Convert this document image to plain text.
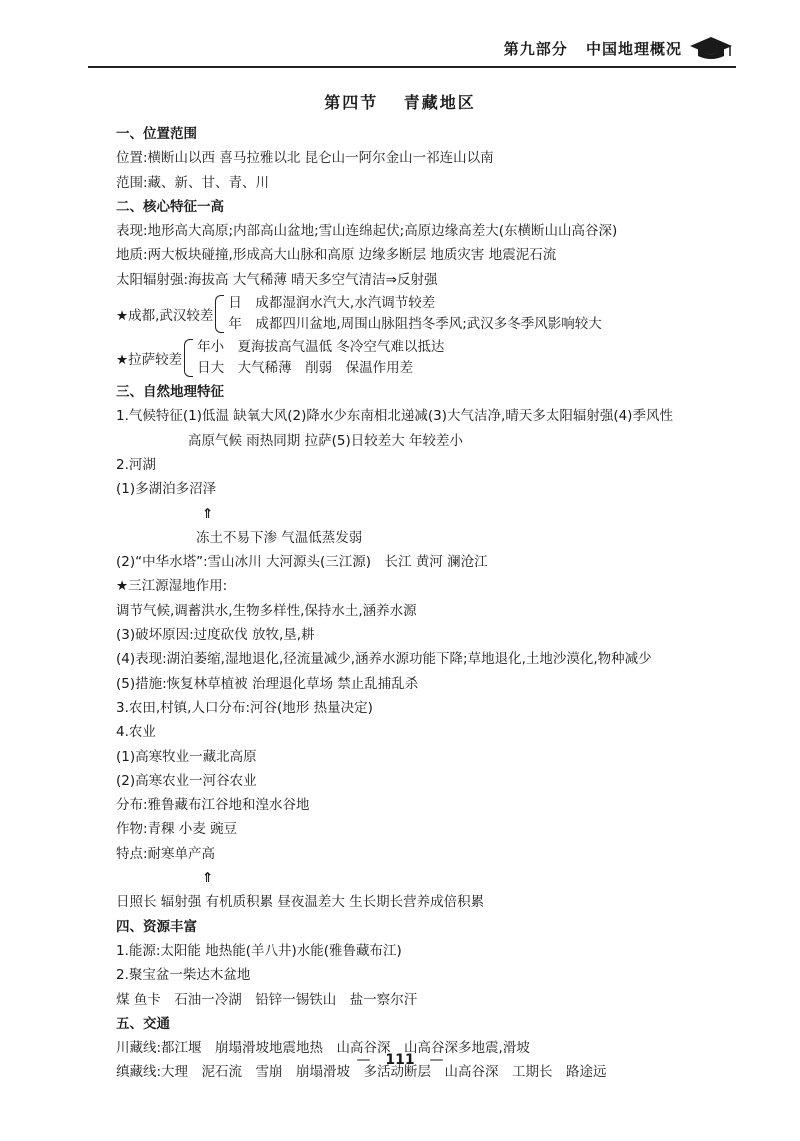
第九部分 中国地理概况
第四节 青藏地区
一、位置范围
位置:横断山以西 喜马拉雅以北 昆仑山一阿尔金山一祁连山以南
范围:藏、新、甘、青、川
二、核心特征一高
表现:地形高大高原;内部高山盆地;雪山连绵起伏;高原边缘高差大(东横断山山高谷深)
地质:两大板块碰撞,形成高大山脉和高原 边缘多断层 地质灾害 地震泥石流
太阳辐射强:海拔高 大气稀薄 晴天多空气清洁⇒反射强
★成都,武汉较差
日　成都湿润水汽大,水汽调节较差
年　成都四川盆地,周围山脉阻挡冬季风;武汉多冬季风影响较大
★拉萨较差
年小　夏海拔高气温低 冬冷空气难以抵达
日大　大气稀薄　削弱　保温作用差
三、自然地理特征
1.气候特征(1)低温 缺氧大风(2)降水少东南相北递减(3)大气洁净,晴天多太阳辐射强(4)季风性
高原气候 雨热同期 拉萨(5)日较差大 年较差小
2.河湖
(1)多湖泊多沼泽
⇑
冻土不易下渗 气温低蒸发弱
(2)“中华水塔”:雪山冰川 大河源头(三江源)　长江 黄河 澜沧江
★三江源湿地作用:
调节气候,调蓄洪水,生物多样性,保持水土,涵养水源
(3)破坏原因:过度砍伐 放牧,垦,耕
(4)表现:湖泊萎缩,湿地退化,径流量减少,涵养水源功能下降;草地退化,土地沙漠化,物种减少
(5)措施:恢复林草植被 治理退化草场 禁止乱捕乱杀
3.农田,村镇,人口分布:河谷(地形 热量决定)
4.农业
(1)高寒牧业一藏北高原
(2)高寒农业一河谷农业
分布:雅鲁藏布江谷地和湟水谷地
作物:青稞 小麦 豌豆
特点:耐寒单产高
⇑
日照长 辐射强 有机质积累 昼夜温差大 生长期长营养成倍积累
四、资源丰富
1.能源:太阳能 地热能(羊八井)水能(雅鲁藏布江)
2.聚宝盆一柴达木盆地
煤 鱼卡　石油一冷湖　铅锌一锡铁山　盐一察尔汗
五、交通
川藏线:都江堰　崩塌滑坡地震地热　山高谷深　山高谷深多地震,滑坡
缜藏线:大理　泥石流　雪崩　崩塌滑坡　多活动断层　山高谷深　工期长　路途远
— 111 —
